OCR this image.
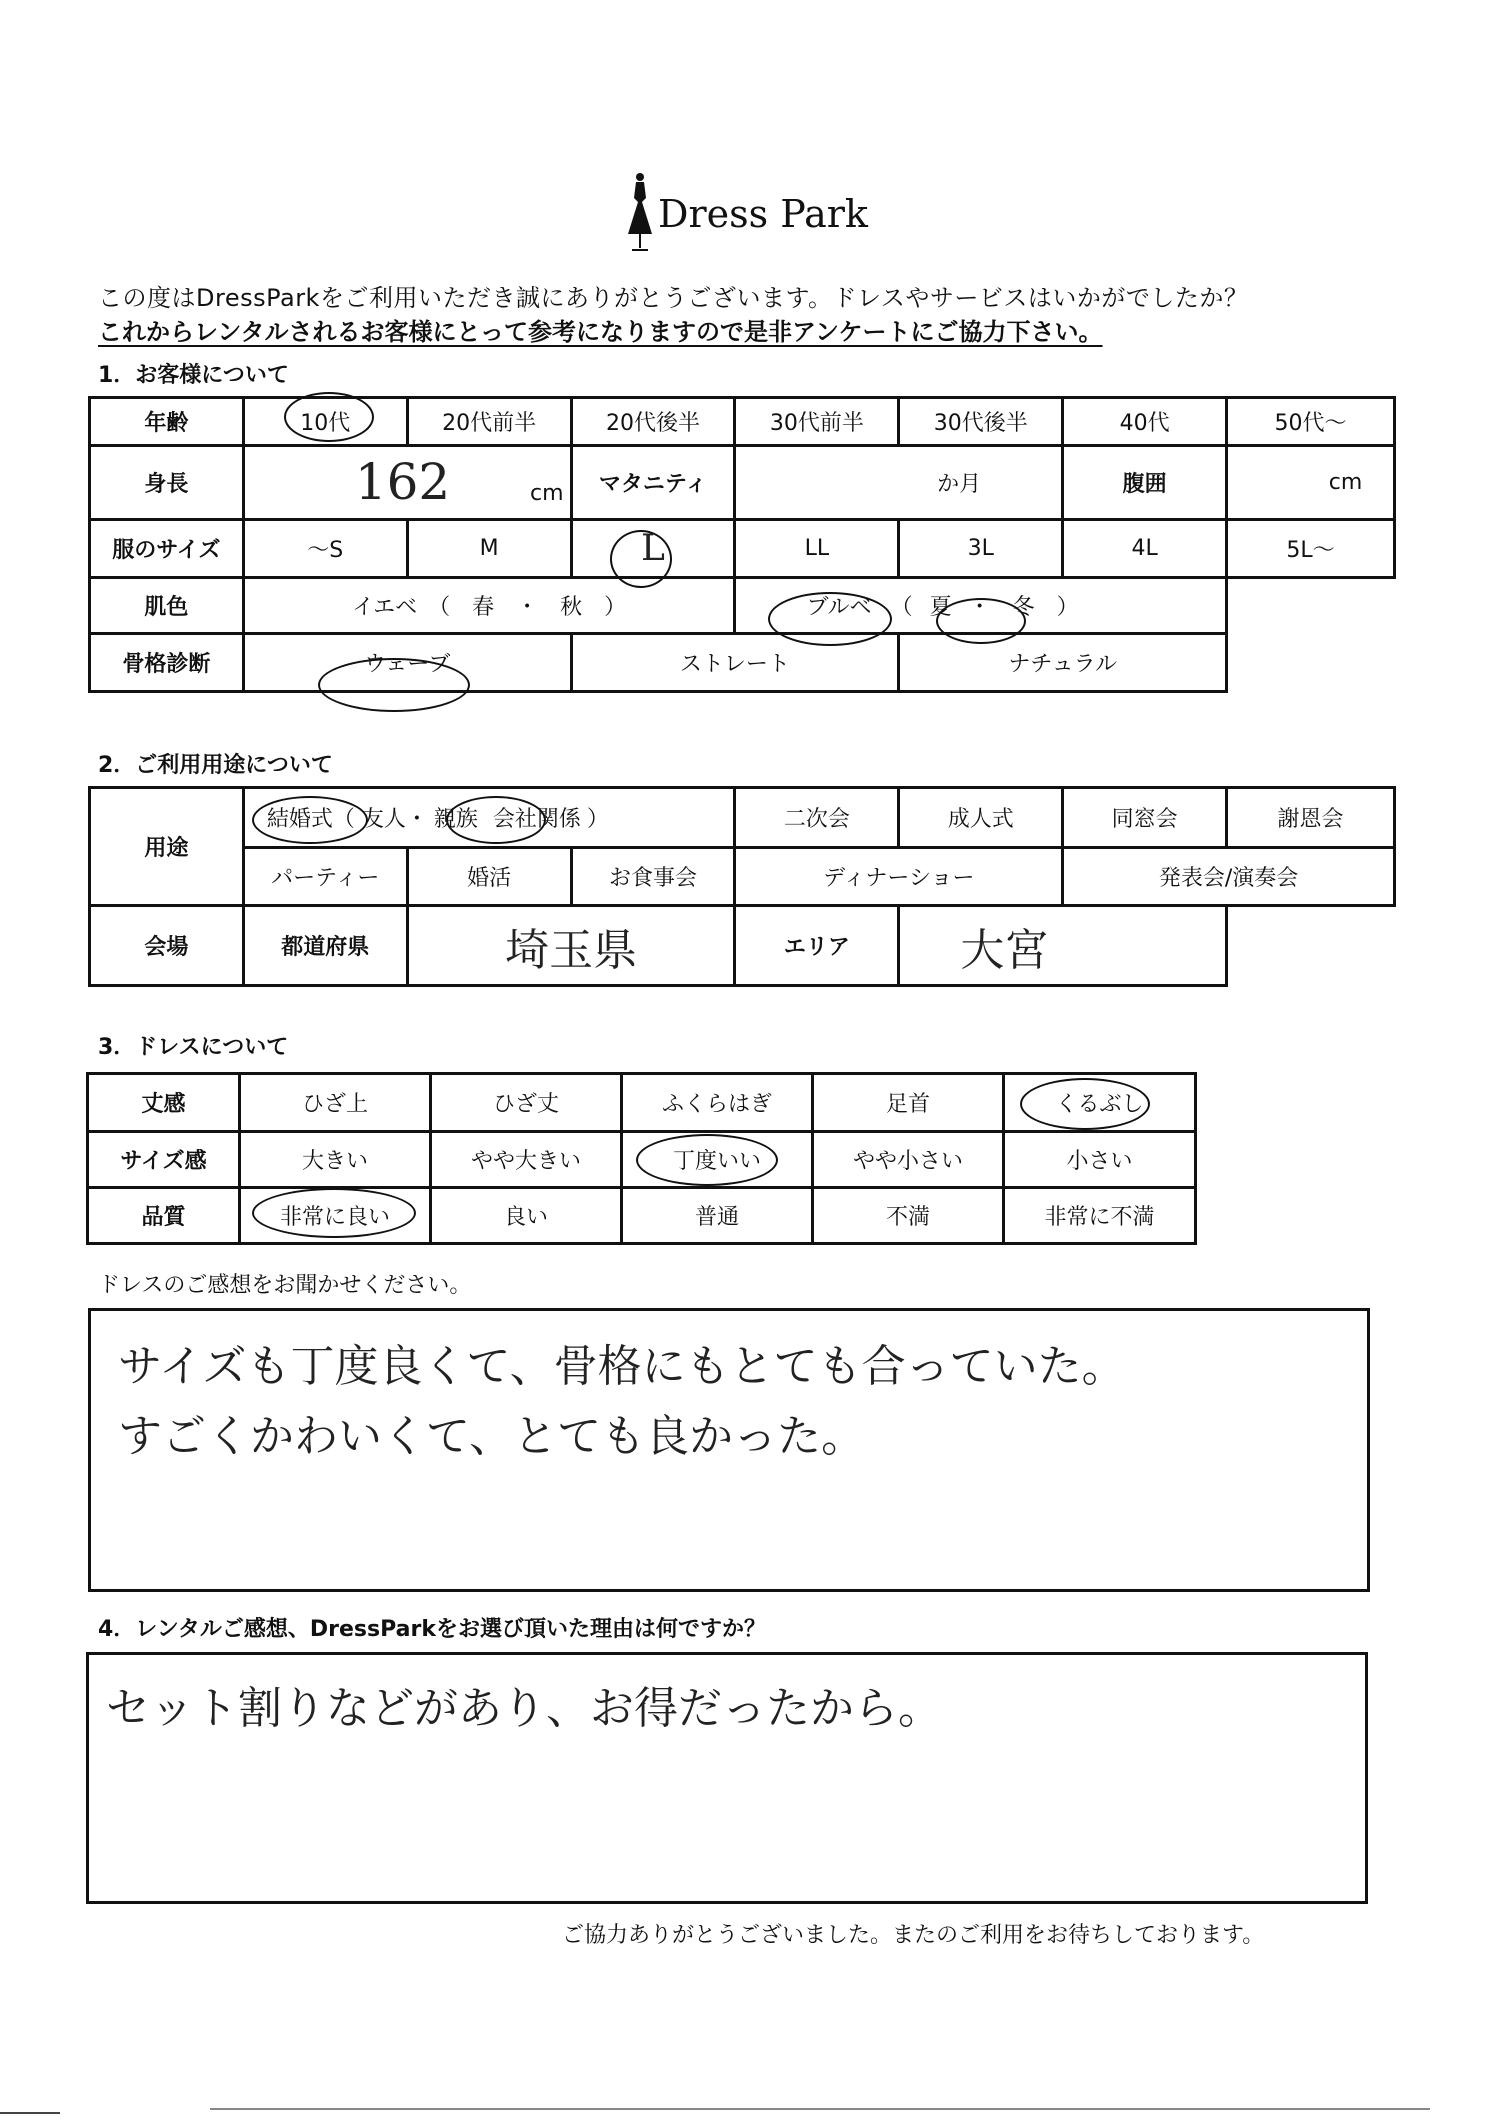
Dress Park
この度はDressParkをご利用いただき誠にありがとうございます。ドレスやサービスはいかがでしたか？
これからレンタルされるお客様にとって参考になりますので是非アンケートにご協力下さい。
1．お客様について
年齢	10代	20代前半	20代後半	30代前半	30代後半	40代	50代～
身長	162 cm		マタニティ	か月		腹囲	cm
服のサイズ	～S	M	L	LL	3L	4L	5L～
肌色	イエベ　（　春　・　秋　）			ブルベ （ 夏 ・　冬　）			
骨格診断	ウェーブ		ストレート		ナチュラル		
2．ご利用用途について
用途	結婚式（ 友人・ 親族 会社関係 ）			二次会	成人式	同窓会	謝恩会
	パーティー	婚活	お食事会	ディナーショー		発表会/演奏会	
会場	都道府県	埼玉県		エリア	大宮		
3．ドレスについて
丈感	ひざ上	ひざ丈	ふくらはぎ	足首	くるぶし
サイズ感	大きい	やや大きい	丁度いい	やや小さい	小さい
品質	非常に良い	良い	普通	不満	非常に不満
ドレスのご感想をお聞かせください。
サイズも丁度良くて、骨格にもとても合っていた。
すごくかわいくて、とても良かった。
4．レンタルご感想、DressParkをお選び頂いた理由は何ですか？
セット割りなどがあり、お得だったから。
ご協力ありがとうございました。またのご利用をお待ちしております。
